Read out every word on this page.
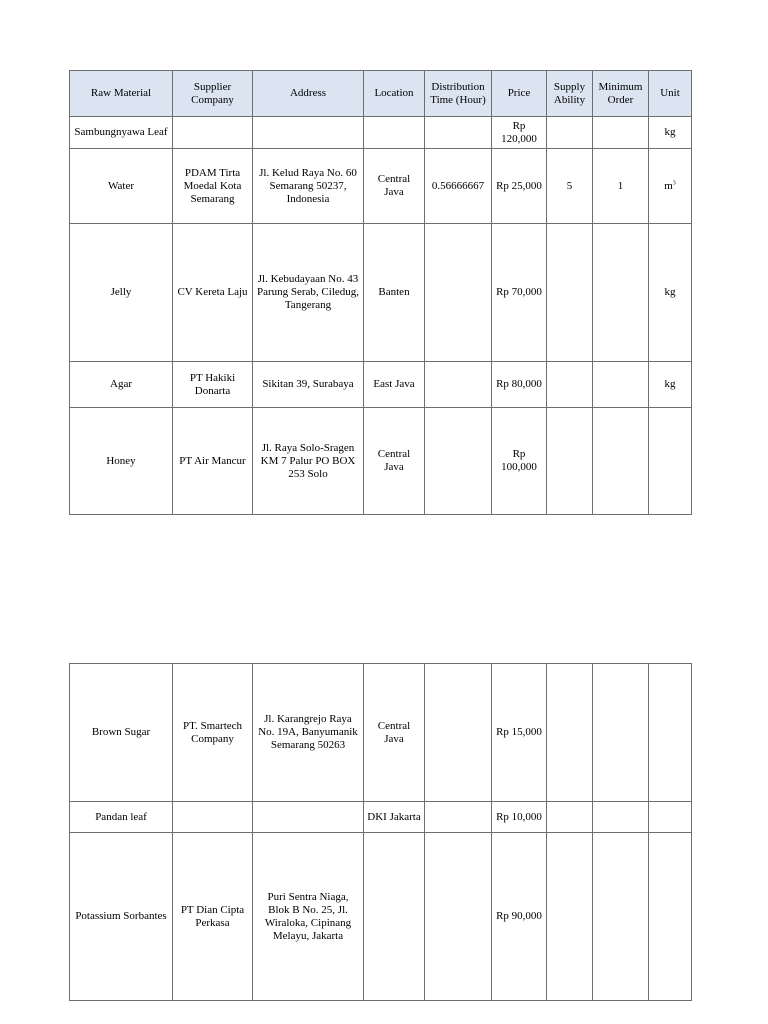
Raw Material	Supplier Company	Address	Location	Distribution Time (Hour)	Price	Supply Ability	Minimum Order	Unit
Sambungnyawa Leaf					Rp 120,000			kg
Water	PDAM Tirta Moedal Kota Semarang	Jl. Kelud Raya No. 60 Semarang 50237, Indonesia	Central Java	0.56666667	Rp 25,000	5	1	$m^3$
Jelly	CV Kereta Laju	Jl. Kebudayaan No. 43 Parung Serab, Ciledug, Tangerang	Banten		Rp 70,000			kg
Agar	PT Hakiki Donarta	Sikitan 39, Surabaya	East Java		Rp 80,000			kg
Honey	PT Air Mancur	Jl. Raya Solo-Sragen KM 7 Palur PO BOX 253 Solo	Central Java		Rp 100,000			
Brown Sugar	PT. Smartech Company	Jl. Karangrejo Raya No. 19A, Banyumanik Semarang 50263	Central Java		Rp 15,000			
Pandan leaf			DKI Jakarta		Rp 10,000			
Potassium Sorbantes	PT Dian Cipta Perkasa	Puri Sentra Niaga, Blok B No. 25, Jl. Wiraloka, Cipinang Melayu, Jakarta			Rp 90,000			
